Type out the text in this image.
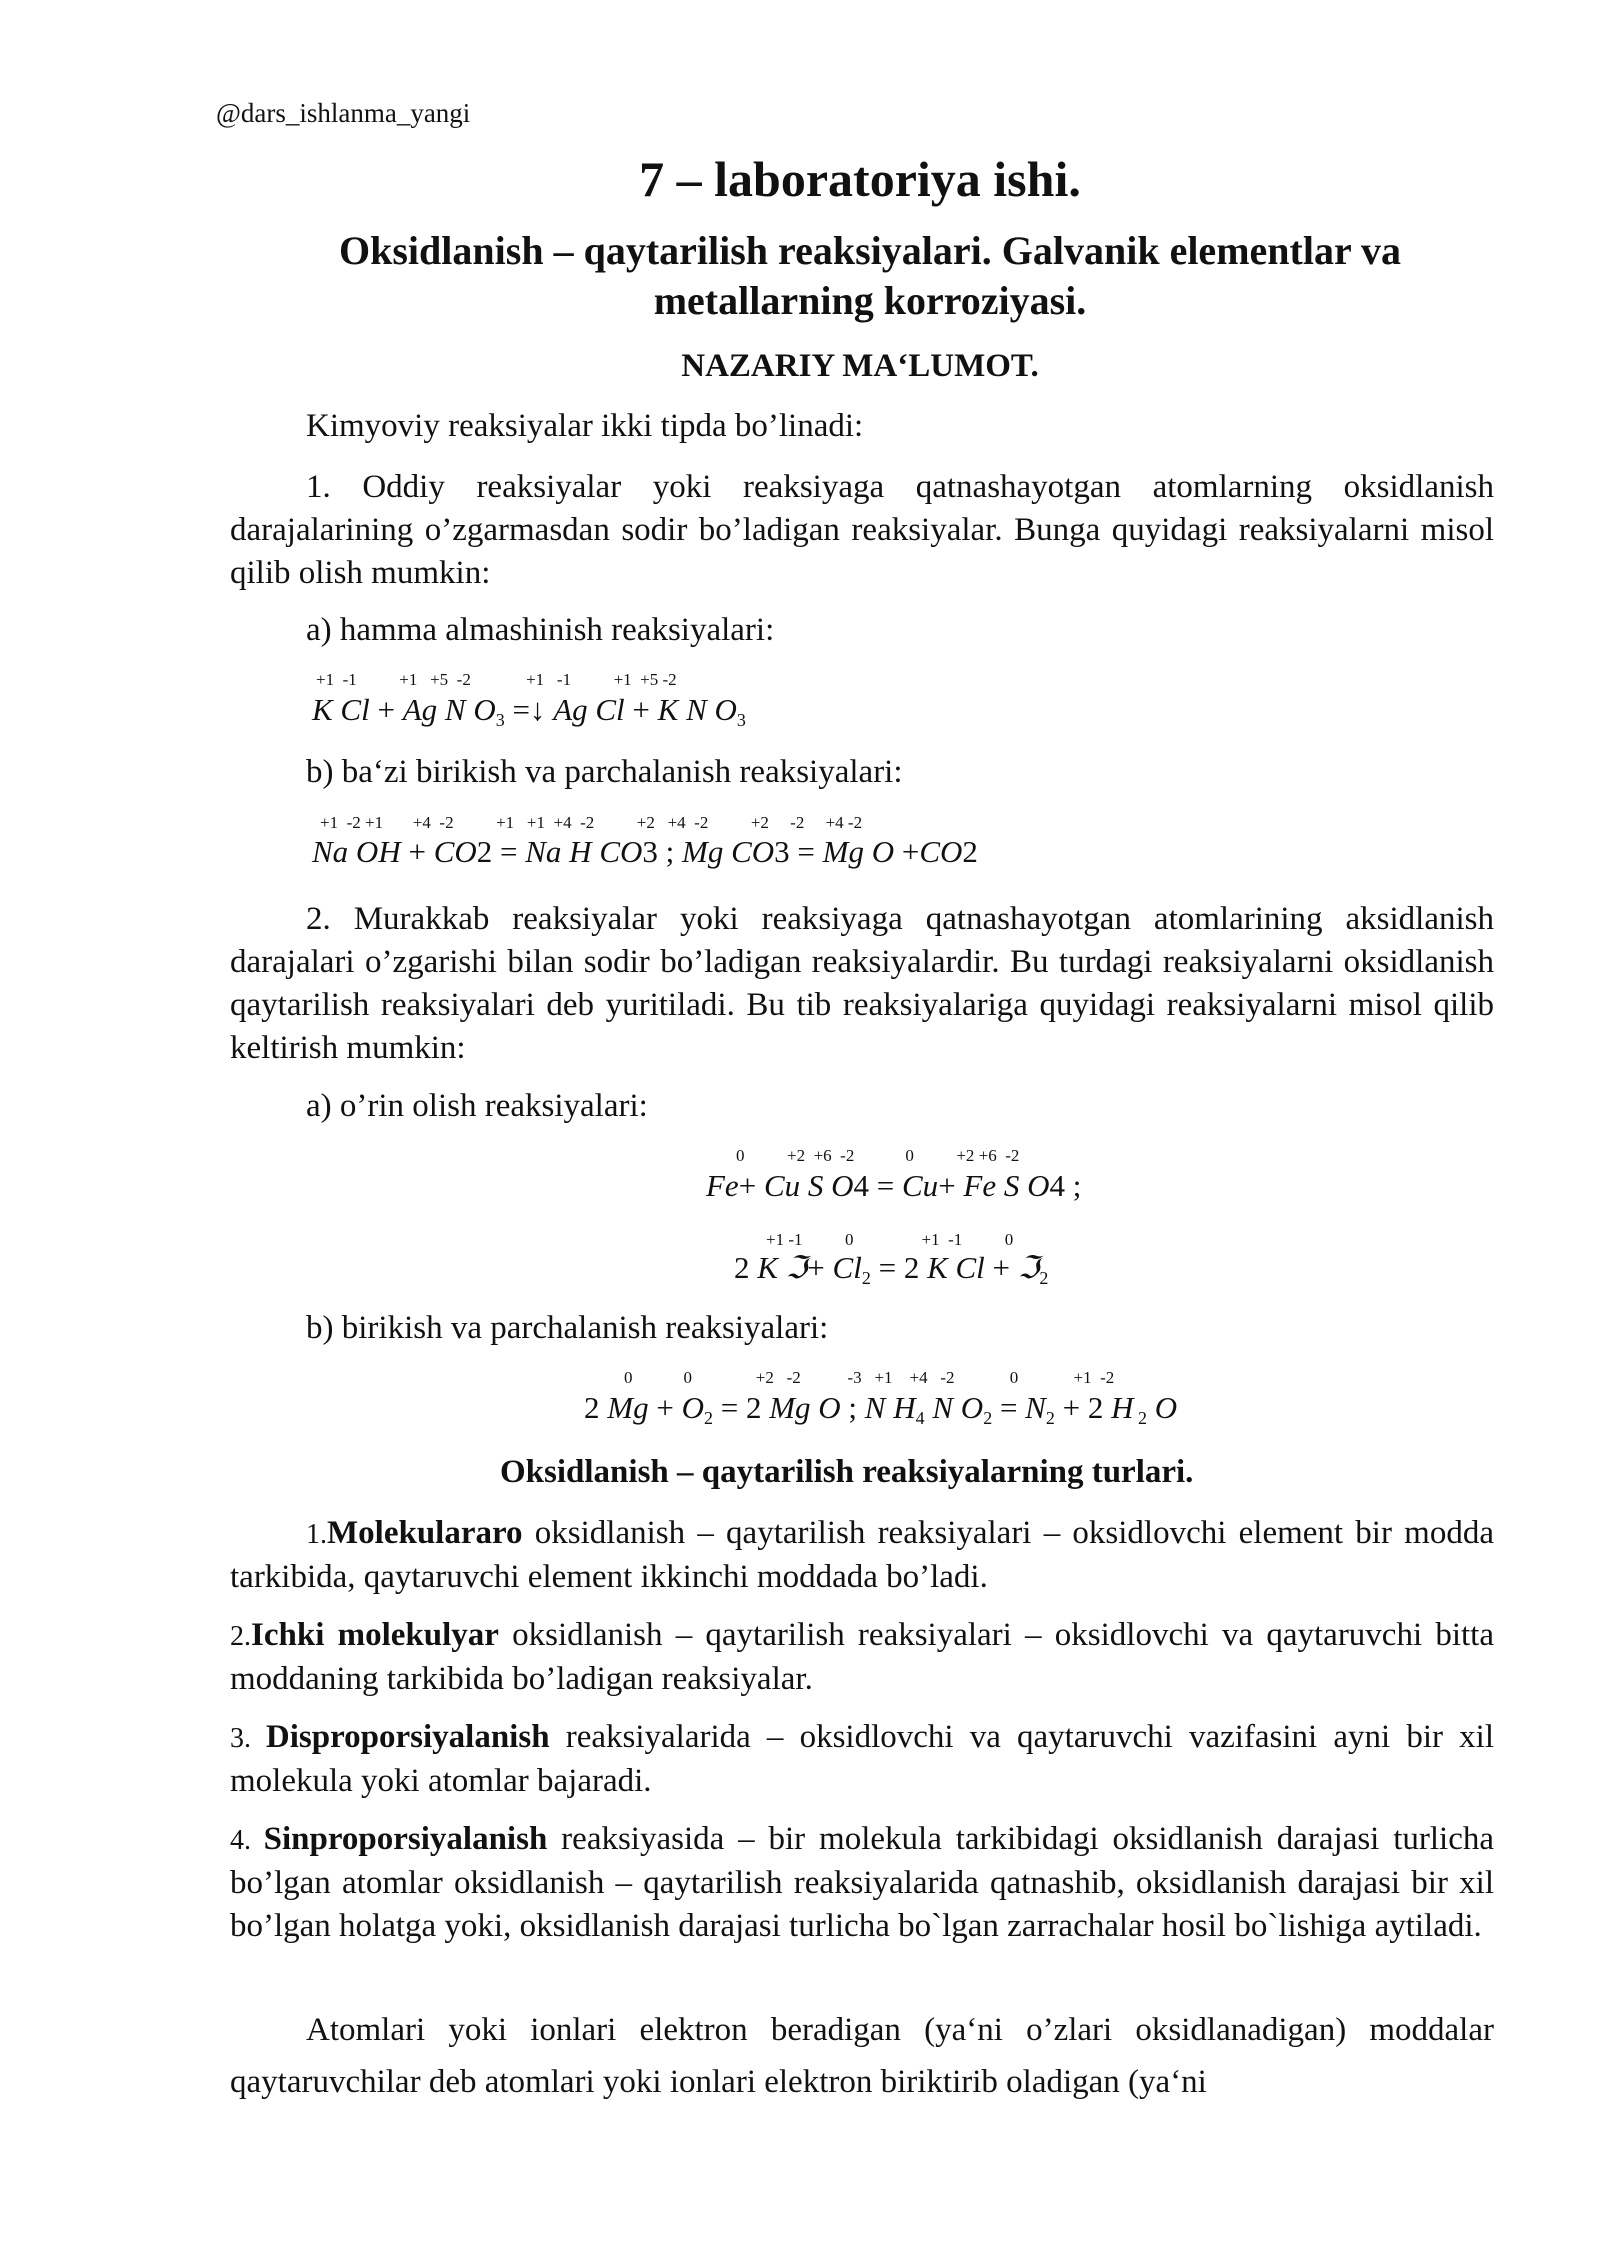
@dars_ishlanma_yangi
7 – laboratoriya ishi.
Oksidlanish – qaytarilish reaksiyalari. Galvanik elementlar va metallarning korroziyasi.
NAZARIY MA‘LUMOT.
Kimyoviy reaksiyalar ikki tipda bo’linadi:
1. Oddiy reaksiyalar yoki reaksiyaga qatnashayotgan atomlarning oksidlanish darajalarining o’zgarmasdan sodir bo’ladigan reaksiyalar. Bunga quyidagi reaksiyalarni misol qilib olish mumkin:
a) hamma almashinish reaksiyalari:
+1  -1          +1   +5  -2             +1   -1          +1  +5 -2
K Cl + Ag N $O_3$ =↓ Ag Cl + K N $O_3$
b) ba‘zi birikish va parchalanish reaksiyalari:
+1  -2 +1       +4  -2          +1   +1  +4  -2          +2   +4  -2          +2     -2     +4 -2
Na OH + CO2 = Na H CO3 ; Mg CO3 = Mg O +CO2
2. Murakkab reaksiyalar yoki reaksiyaga qatnashayotgan atomlarining aksidlanish darajalari o’zgarishi bilan sodir bo’ladigan reaksiyalardir. Bu turdagi reaksiyalarni oksidlanish qaytarilish reaksiyalari deb yuritiladi. Bu tib reaksiyalariga quyidagi reaksiyalarni misol qilib keltirish mumkin:
a) o’rin olish reaksiyalari:
0          +2  +6  -2            0          +2 +6  -2
Fe+ Cu S O4 = Cu+ Fe S O4 ;
+1 -1          0                +1  -1          0
2 K ℑ+ $Cl_2 = 2$ K Cl + ℑ$_2$
b) birikish va parchalanish reaksiyalari:
0            0               +2   -2           -3   +1    +4   -2             0             +1  -2
2 $Mg + O_2 = 2$ Mg O ; N $H_4$ N $O_2 = N_2 + 2$ H $_2$ O
Oksidlanish – qaytarilish reaksiyalarning turlari.
1.Molekulararo oksidlanish – qaytarilish reaksiyalari – oksidlovchi element bir modda tarkibida, qaytaruvchi element ikkinchi moddada bo’ladi.
2.Ichki molekulyar oksidlanish – qaytarilish reaksiyalari – oksidlovchi va qaytaruvchi bitta moddaning tarkibida bo’ladigan reaksiyalar.
3. Disproporsiyalanish reaksiyalarida – oksidlovchi va qaytaruvchi vazifasini ayni bir xil molekula yoki atomlar bajaradi.
4. Sinproporsiyalanish reaksiyasida – bir molekula tarkibidagi oksidlanish darajasi turlicha bo’lgan atomlar oksidlanish – qaytarilish reaksiyalarida qatnashib, oksidlanish darajasi bir xil bo’lgan holatga yoki, oksidlanish darajasi turlicha bo`lgan zarrachalar hosil bo`lishiga aytiladi.
Atomlari yoki ionlari elektron beradigan (ya‘ni o’zlari oksidlanadigan) moddalar qaytaruvchilar deb atomlari yoki ionlari elektron biriktirib oladigan (ya‘ni
